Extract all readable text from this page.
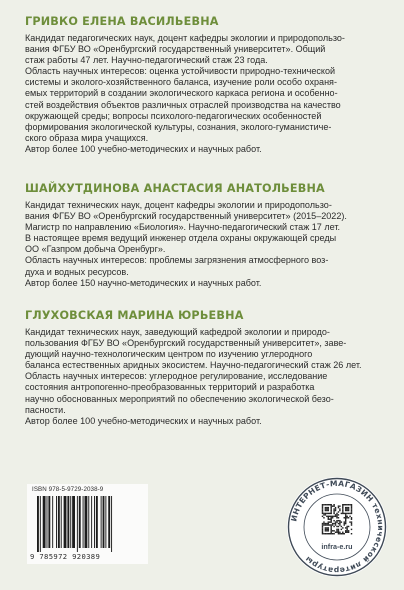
ГРИВКО ЕЛЕНА ВАСИЛЬЕВНА

Кандидат педагогических наук, доцент кафедры экологии и природопользо-

вания ФГБУ ВО «Оренбургский государственный университет». Общий

стаж работы 47 лет. Научно-педагогический стаж 23 года.

Область научных интересов: оценка устойчивости природно-технической

системы и эколого-хозяйственного баланса, изучение роли особо охраня-

емых территорий в создании экологического каркаса региона и особенно-

стей воздействия объектов различных отраслей производства на качество

окружающей среды; вопросы психолого-педагогических особенностей

формирования экологической культуры, сознания, эколого-гуманистиче-

ского образа мира учащихся.

Автор более 100 учебно-методических и научных работ.

ШАЙХУТДИНОВА АНАСТАСИЯ АНАТОЛЬЕВНА

Кандидат технических наук, доцент кафедры экологии и природопользо-

вания ФГБУ ВО «Оренбургский государственный университет» (2015–2022).

Магистр по направлению «Биология». Научно-педагогический стаж 17 лет.

В настоящее время ведущий инженер отдела охраны окружающей среды

ОО «Газпром добыча Оренбург».

Область научных интересов: проблемы загрязнения атмосферного воз-

духа и водных ресурсов.

Автор более 150 научно-методических и научных работ.

ГЛУХОВСКАЯ МАРИНА ЮРЬЕВНА

Кандидат технических наук, заведующий кафедрой экологии и природо-

пользования ФГБУ ВО «Оренбургский государственный университет», заве-

дующий научно-технологическим центром по изучению углеродного

баланса естественных аридных экосистем. Научно-педагогический стаж 26 лет.

Область научных интересов: углеродное регулирование, исследование

состояния антропогенно-преобразованных территорий и разработка

научно обоснованных мероприятий по обеспечению экологической безо-

пасности.

Автор более 100 учебно-методических и научных работ.

ISBN 978-5-9729-2038-9
9 785972 920389
ИНТЕРНЕТ-МАГАЗИН технической литературы
infra-e.ru
